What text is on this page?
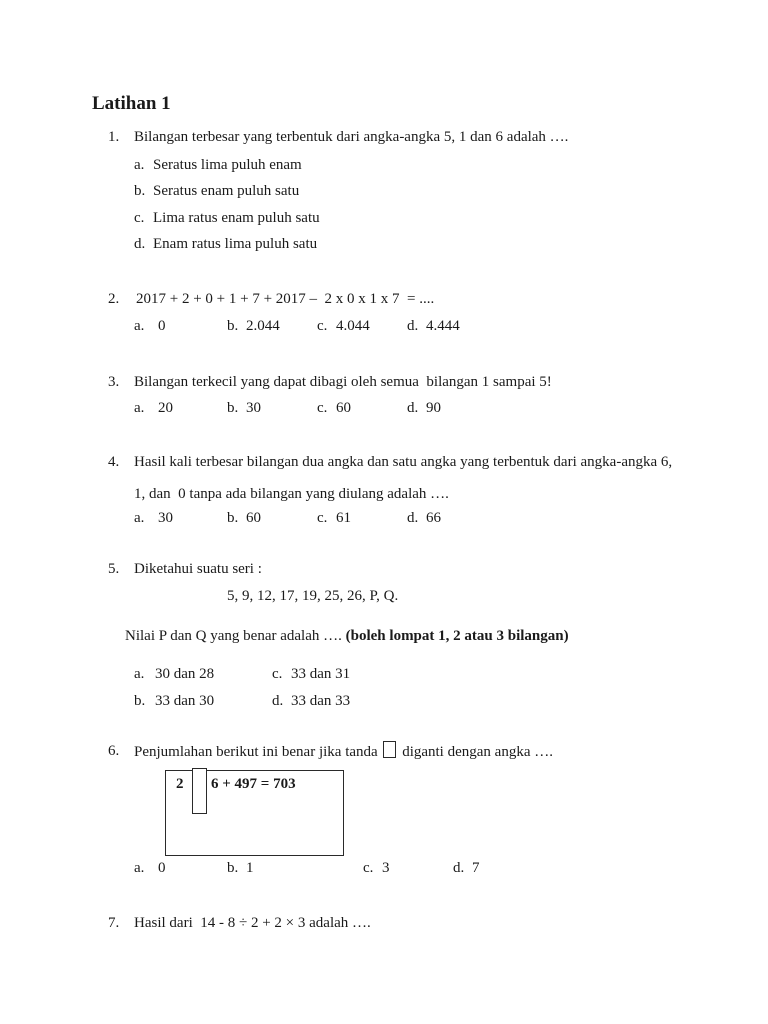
Latihan 1
1. Bilangan terbesar yang terbentuk dari angka-angka 5, 1 dan 6 adalah ….
a. Seratus lima puluh enam
b. Seratus enam puluh satu
c. Lima ratus enam puluh satu
d. Enam ratus lima puluh satu
2. 2017 + 2 + 0 + 1 + 7 + 2017 –  2 x 0 x 1 x 7  = ....
a. 0	b. 2.044 c. 4.044 d. 4.444
3. Bilangan terkecil yang dapat dibagi oleh semua  bilangan 1 sampai 5!
a. 20	b. 30	c. 60	d. 90
4. Hasil kali terbesar bilangan dua angka dan satu angka yang terbentuk dari angka-angka 6,
1, dan  0 tanpa ada bilangan yang diulang adalah ….
a. 30	b. 60	c. 61	d. 66
5. Diketahui suatu seri :
5, 9, 12, 17, 19, 25, 26, P, Q.
Nilai P dan Q yang benar adalah …. (boleh lompat 1, 2 atau 3 bilangan)
a. 30 dan 28	c. 33 dan 31
b. 33 dan 30	d. 33 dan 33
6. Penjumlahan berikut ini benar jika tanda  diganti dengan angka ….
2 6 + 497 = 703
a. 0	b. 1	c. 3	d. 7
7. Hasil dari  14 - 8 ÷ 2 + 2 × 3 adalah ….
